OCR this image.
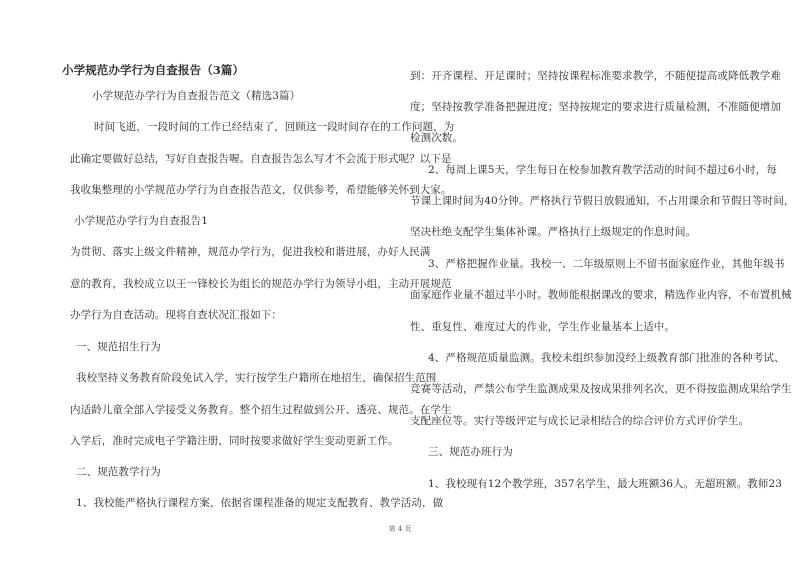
小学规范办学行为自查报告（3篇）
小学规范办学行为自查报告范文（精选3篇）
时间飞逝，一段时间的工作已经结束了，回顾这一段时间存在的工作问题，为
此确定要做好总结，写好自查报告喔。自查报告怎么写才不会流于形式呢？以下是
我收集整理的小学规范办学行为自查报告范文，仅供参考，希望能够关怀到大家。
小学规范办学行为自查报告1
为贯彻、落实上级文件精神，规范办学行为，促进我校和谐进展，办好人民满
意的教育，我校成立以王一锋校长为组长的规范办学行为领导小组，主动开展规范
办学行为自查活动。现将自查状况汇报如下：
一、规范招生行为
我校坚持义务教育阶段免试入学，实行按学生户籍所在地招生，确保招生范围
内适龄儿童全部入学接受义务教育。整个招生过程做到公开、透亮、规范。在学生
入学后，准时完成电子学籍注册，同时按要求做好学生变动更新工作。
二、规范教学行为
1、我校能严格执行课程方案，依据省课程准备的规定支配教育、教学活动，做
到：开齐课程、开足课时；坚持按课程标准要求教学，不随便提高或降低教学难
度；坚持按教学准备把握进度；坚持按规定的要求进行质量检测，不准随便增加
检测次数。
2、每周上课5天，学生每日在校参加教育教学活动的时间不超过6小时，每
节课上课时间为40分钟。严格执行节假日放假通知，不占用课余和节假日等时间，
坚决杜绝支配学生集体补课。严格执行上级规定的作息时间。
3、严格把握作业量。我校一、二年级原则上不留书面家庭作业，其他年级书
面家庭作业量不超过半小时。教师能根据课改的要求，精选作业内容，不布置机械
性、重复性、难度过大的作业，学生作业量基本上适中。
4、严格规范质量监测。我校未组织参加没经上级教育部门批准的各种考试、
竞赛等活动，严禁公布学生监测成果及按成果排列名次，更不得按监测成果给学生
支配座位等。实行等级评定与成长记录相结合的综合评价方式评价学生。
三、规范办班行为
1、我校现有12个教学班，357名学生，最大班额36人。无超班额。教师23
第 4 页
